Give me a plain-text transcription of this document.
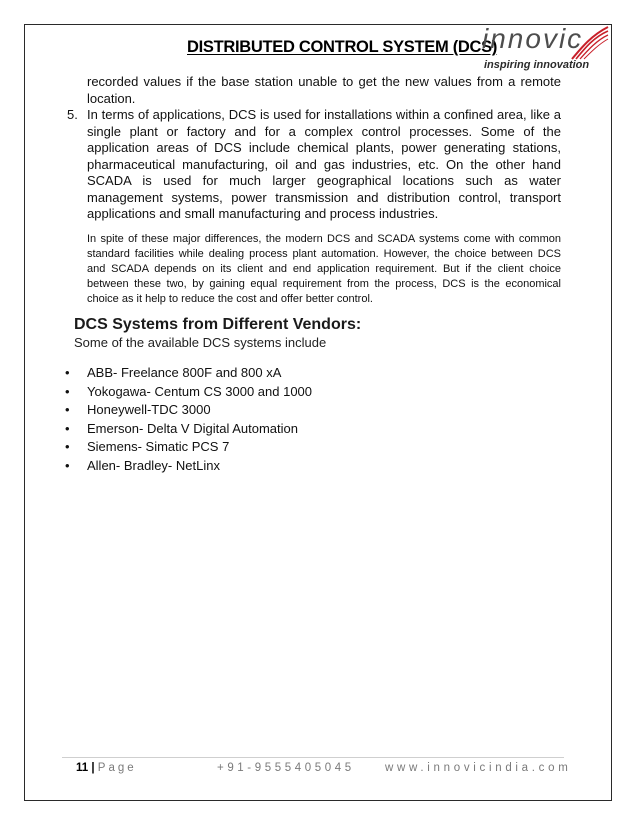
DISTRIBUTED CONTROL SYSTEM (DCS)
innovic
inspiring innovation
recorded values if the base station unable to get the new values from a remote location.
5. In terms of applications, DCS is used for installations within a confined area, like a single plant or factory and for a complex control processes. Some of the application areas of DCS include chemical plants, power generating stations, pharmaceutical manufacturing, oil and gas industries, etc. On the other hand SCADA is used for much larger geographical locations such as water management systems, power transmission and distribution control, transport applications and small manufacturing and process industries.
In spite of these major differences, the modern DCS and SCADA systems come with common standard facilities while dealing process plant automation. However, the choice between DCS and SCADA depends on its client and end application requirement. But if the client choice between these two, by gaining equal requirement from the process, DCS is the economical choice as it help to reduce the cost and offer better control.
DCS Systems from Different Vendors:
Some of the available DCS systems include
• ABB- Freelance 800F and 800 xA
• Yokogawa- Centum CS 3000 and 1000
• Honeywell-TDC 3000
• Emerson- Delta V Digital Automation
• Siemens- Simatic PCS 7
• Allen- Bradley- NetLinx
11 | Page	+91-9555405045	www.innovicindia.com
